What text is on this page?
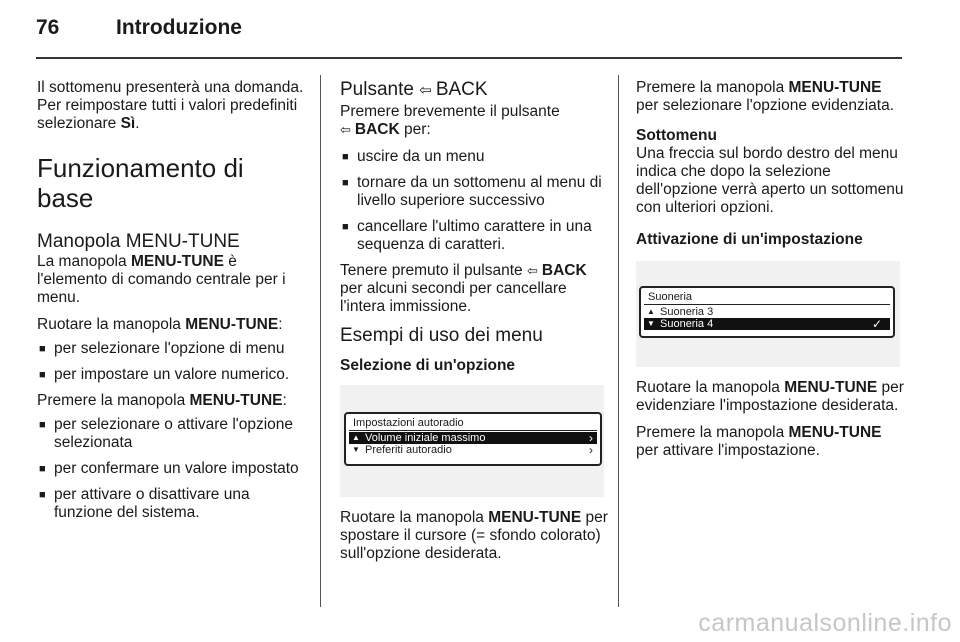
76	Introduzione

Il sottomenu presenterà una domanda. Per reimpostare tutti i valori predefiniti selezionare Sì.

Funzionamento di base
Manopola MENU-TUNE

La manopola MENU-TUNE è l'elemento di comando centrale per i menu.

Ruotare la manopola MENU-TUNE:

■ per selezionare l'opzione di menu
■ per impostare un valore numerico.

Premere la manopola MENU-TUNE:

■ per selezionare o attivare l'opzione selezionata
■ per confermare un valore impostato
■ per attivare o disattivare una funzione del sistema.
Pulsante ⇦ BACK

Premere brevemente il pulsante
⇦ BACK per:

■ uscire da un menu
■ tornare da un sottomenu al menu di livello superiore successivo
■ cancellare l'ultimo carattere in una sequenza di caratteri.

Tenere premuto il pulsante ⇦ BACK per alcuni secondi per cancellare l'intera immissione.

Esempi di uso dei menu
Selezione di un'opzione
Impostazioni autoradio
▲ Volume iniziale massimo	›
▼ Preferiti autoradio	›

Ruotare la manopola MENU-TUNE per spostare il cursore (= sfondo colorato) sull'opzione desiderata.

Premere la manopola MENU-TUNE per selezionare l'opzione evidenziata.

Sottomenu

Una freccia sul bordo destro del menu indica che dopo la selezione dell'opzione verrà aperto un sottomenu con ulteriori opzioni.

Attivazione di un'impostazione
Suoneria
▲ Suoneria 3
▼ Suoneria 4	✓

Ruotare la manopola MENU-TUNE per evidenziare l'impostazione desiderata.

Premere la manopola MENU-TUNE per attivare l'impostazione.

carmanualsonline.info
